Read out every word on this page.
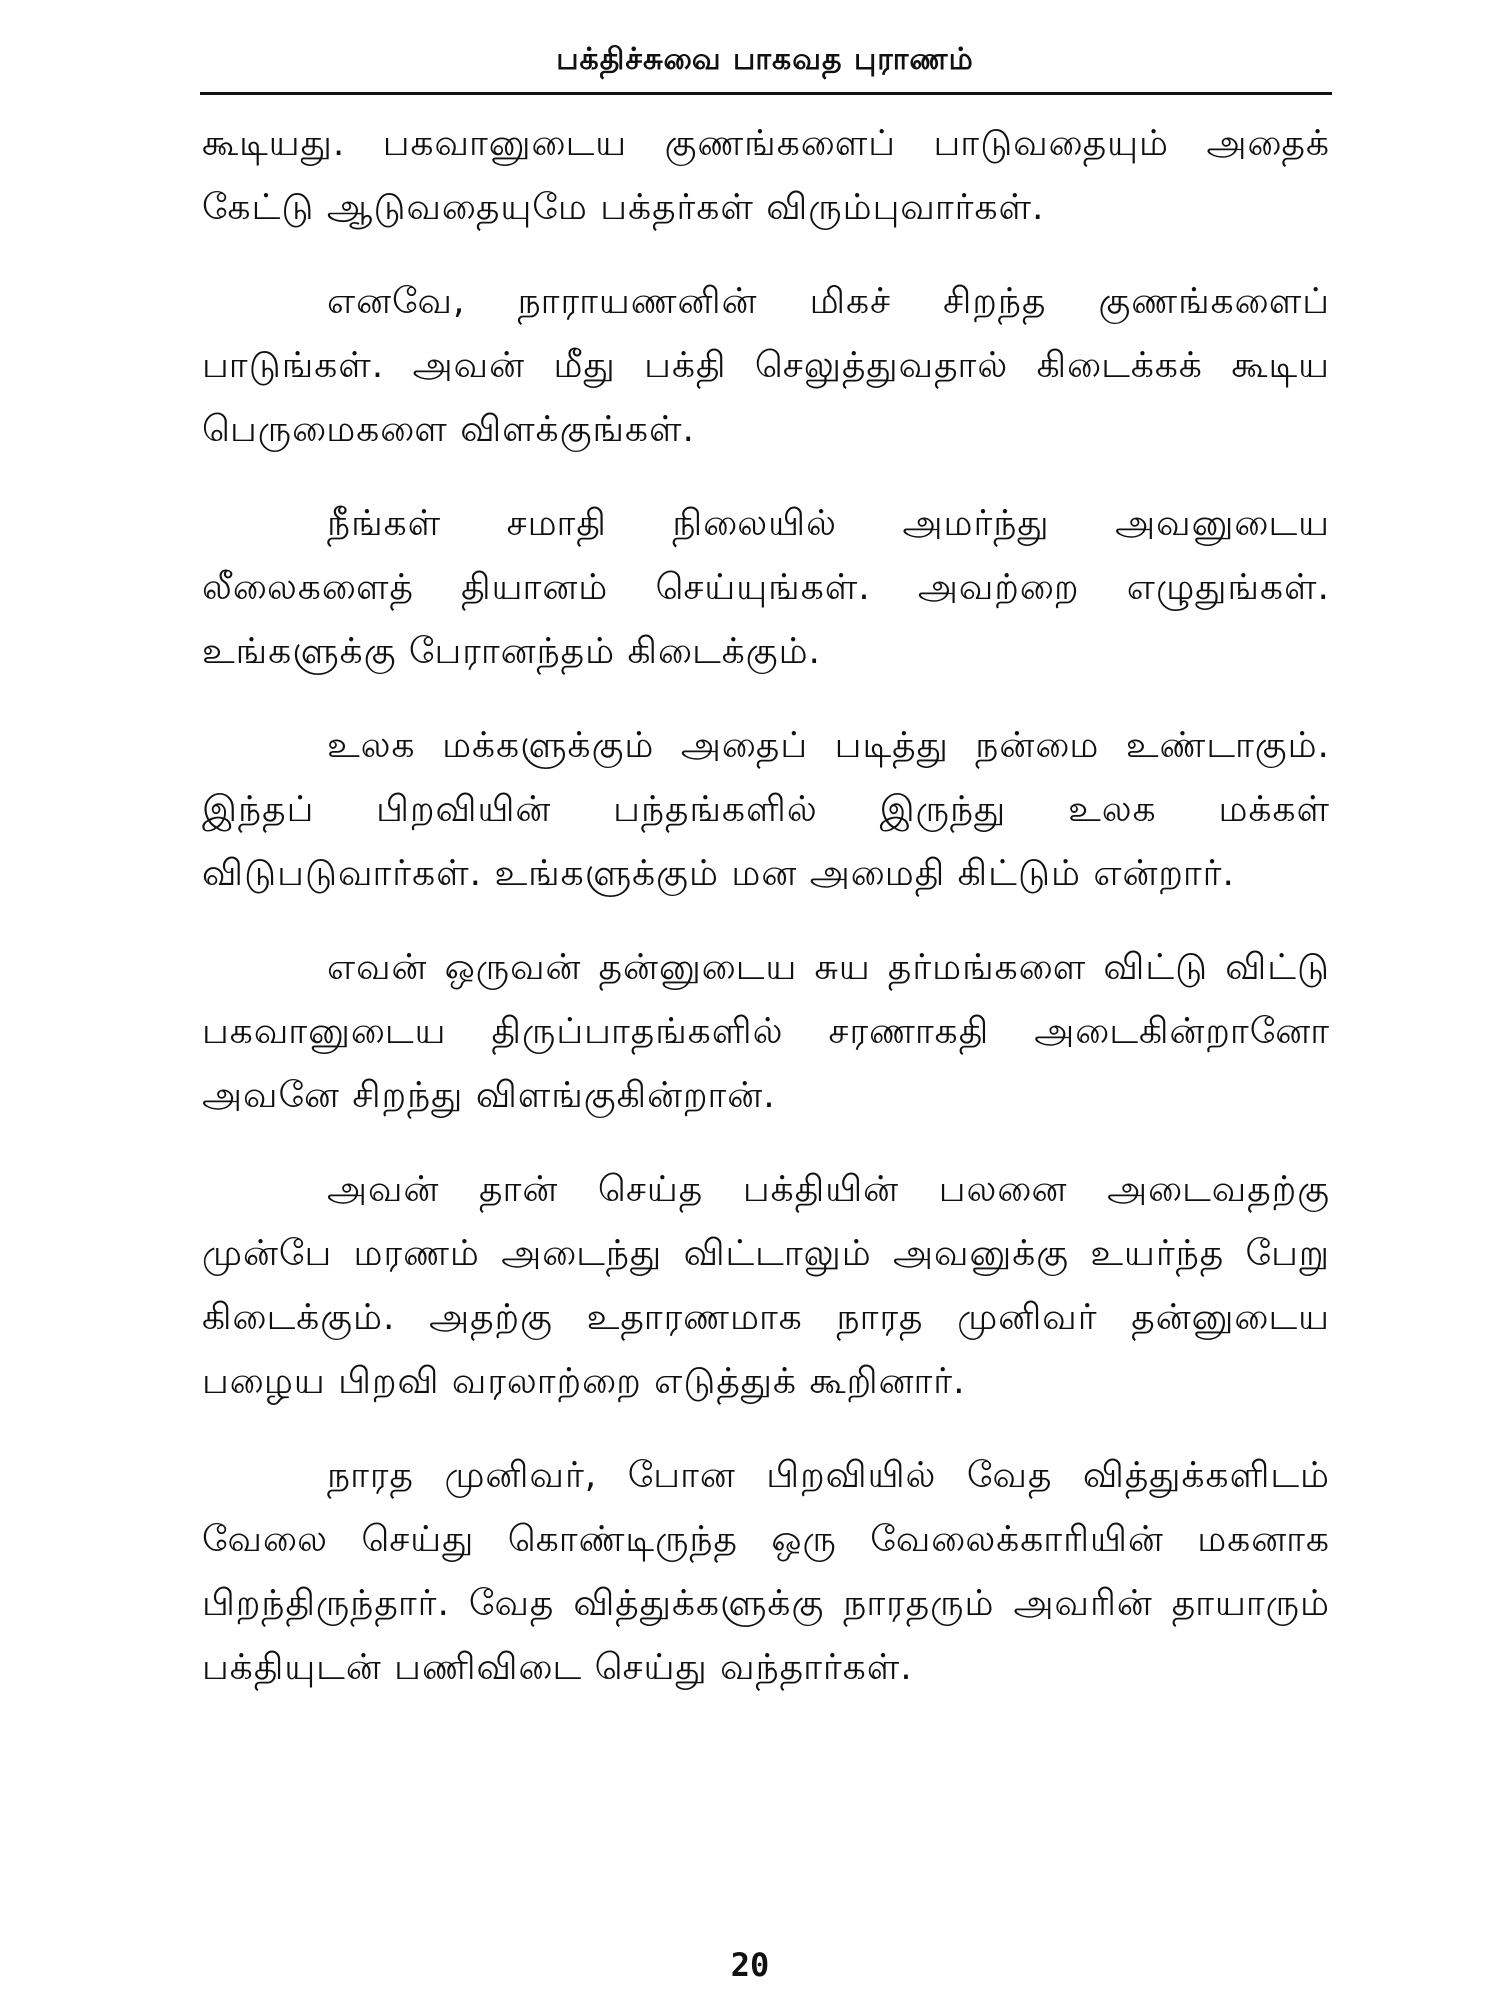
பக்திச்சுவை பாகவத புராணம்

கூடியது. பகவானுடைய குணங்களைப் பாடுவதையும் அதைக் கேட்டு ஆடுவதையுமே பக்தர்கள் விரும்புவார்கள்.

எனவே, நாராயணனின் மிகச் சிறந்த குணங்களைப் பாடுங்கள். அவன் மீது பக்தி செலுத்துவதால் கிடைக்கக் கூடிய பெருமைகளை விளக்குங்கள்.

நீங்கள் சமாதி நிலையில் அமர்ந்து அவனுடைய லீலைகளைத் தியானம் செய்யுங்கள். அவற்றை எழுதுங்கள். உங்களுக்கு பேரானந்தம் கிடைக்கும்.

உலக மக்களுக்கும் அதைப் படித்து நன்மை உண்டாகும். இந்தப் பிறவியின் பந்தங்களில் இருந்து உலக மக்கள் விடுபடுவார்கள். உங்களுக்கும் மன அமைதி கிட்டும் என்றார்.

எவன் ஒருவன் தன்னுடைய சுய தர்மங்களை விட்டு விட்டு பகவானுடைய திருப்பாதங்களில் சரணாகதி அடைகின்றானோ அவனே சிறந்து விளங்குகின்றான்.

அவன் தான் செய்த பக்தியின் பலனை அடைவதற்கு முன்பே மரணம் அடைந்து விட்டாலும் அவனுக்கு உயர்ந்த பேறு கிடைக்கும். அதற்கு உதாரணமாக நாரத முனிவர் தன்னுடைய பழைய பிறவி வரலாற்றை எடுத்துக் கூறினார்.

நாரத முனிவர், போன பிறவியில் வேத வித்துக்களிடம் வேலை செய்து கொண்டிருந்த ஒரு வேலைக்காரியின் மகனாக பிறந்திருந்தார். வேத வித்துக்களுக்கு நாரதரும் அவரின் தாயாரும் பக்தியுடன் பணிவிடை செய்து வந்தார்கள்.

20
